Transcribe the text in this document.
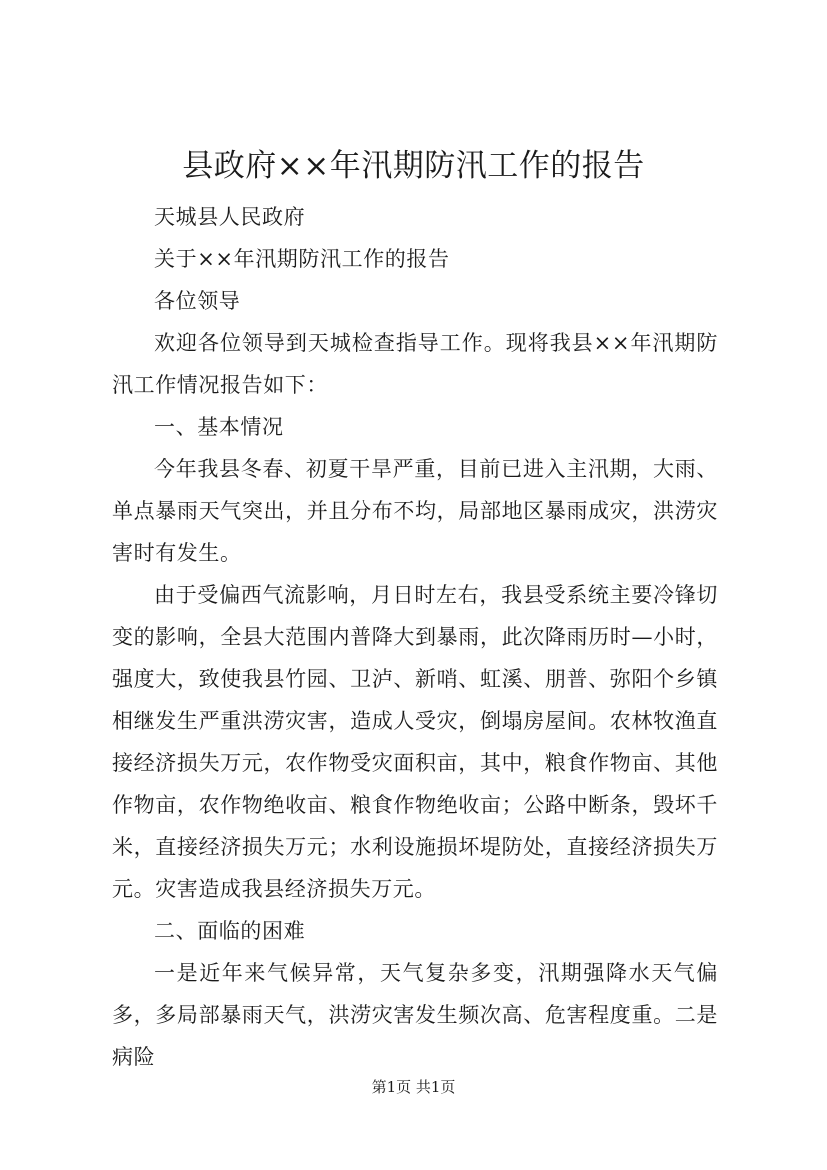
县政府××年汛期防汛工作的报告

天城县人民政府

关于××年汛期防汛工作的报告

各位领导

欢迎各位领导到天城检查指导工作。现将我县××年汛期防汛工作情况报告如下：

一、基本情况

今年我县冬春、初夏干旱严重，目前已进入主汛期，大雨、单点暴雨天气突出，并且分布不均，局部地区暴雨成灾，洪涝灾害时有发生。

由于受偏西气流影响，月日时左右，我县受系统主要冷锋切变的影响，全县大范围内普降大到暴雨，此次降雨历时—小时，强度大，致使我县竹园、卫泸、新哨、虹溪、朋普、弥阳个乡镇相继发生严重洪涝灾害，造成人受灾，倒塌房屋间。农林牧渔直接经济损失万元，农作物受灾面积亩，其中，粮食作物亩、其他作物亩，农作物绝收亩、粮食作物绝收亩；公路中断条，毁坏千米，直接经济损失万元；水利设施损坏堤防处，直接经济损失万元。灾害造成我县经济损失万元。

二、面临的困难

一是近年来气候异常，天气复杂多变，汛期强降水天气偏多，多局部暴雨天气，洪涝灾害发生频次高、危害程度重。二是病险

第1页 共1页
